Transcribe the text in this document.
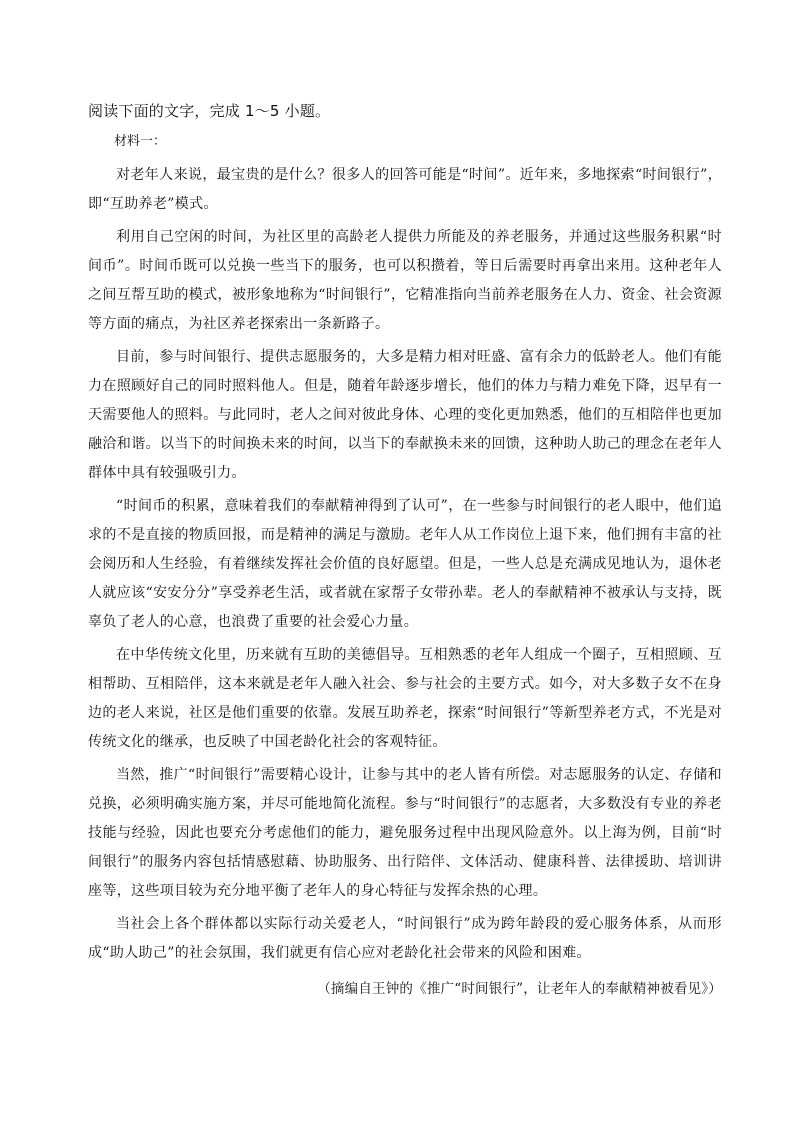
阅读下面的文字，完成 1～5 小题。

材料一：

对老年人来说，最宝贵的是什么？很多人的回答可能是“时间”。近年来，多地探索“时间银行”，即“互助养老”模式。

利用自己空闲的时间，为社区里的高龄老人提供力所能及的养老服务，并通过这些服务积累“时间币”。时间币既可以兑换一些当下的服务，也可以积攒着，等日后需要时再拿出来用。这种老年人之间互帮互助的模式，被形象地称为“时间银行”，它精准指向当前养老服务在人力、资金、社会资源等方面的痛点，为社区养老探索出一条新路子。

目前，参与时间银行、提供志愿服务的，大多是精力相对旺盛、富有余力的低龄老人。他们有能力在照顾好自己的同时照料他人。但是，随着年龄逐步增长，他们的体力与精力难免下降，迟早有一天需要他人的照料。与此同时，老人之间对彼此身体、心理的变化更加熟悉，他们的互相陪伴也更加融洽和谐。以当下的时间换未来的时间，以当下的奉献换未来的回馈，这种助人助己的理念在老年人群体中具有较强吸引力。

“时间币的积累，意味着我们的奉献精神得到了认可”，在一些参与时间银行的老人眼中，他们追求的不是直接的物质回报，而是精神的满足与激励。老年人从工作岗位上退下来，他们拥有丰富的社会阅历和人生经验，有着继续发挥社会价值的良好愿望。但是，一些人总是充满成见地认为，退休老人就应该“安安分分”享受养老生活，或者就在家帮子女带孙辈。老人的奉献精神不被承认与支持，既辜负了老人的心意，也浪费了重要的社会爱心力量。

在中华传统文化里，历来就有互助的美德倡导。互相熟悉的老年人组成一个圈子，互相照顾、互相帮助、互相陪伴，这本来就是老年人融入社会、参与社会的主要方式。如今，对大多数子女不在身边的老人来说，社区是他们重要的依靠。发展互助养老，探索“时间银行”等新型养老方式，不光是对传统文化的继承，也反映了中国老龄化社会的客观特征。

当然，推广“时间银行”需要精心设计，让参与其中的老人皆有所偿。对志愿服务的认定、存储和兑换，必须明确实施方案，并尽可能地简化流程。参与“时间银行”的志愿者，大多数没有专业的养老技能与经验，因此也要充分考虑他们的能力，避免服务过程中出现风险意外。以上海为例，目前“时间银行”的服务内容包括情感慰藉、协助服务、出行陪伴、文体活动、健康科普、法律援助、培训讲座等，这些项目较为充分地平衡了老年人的身心特征与发挥余热的心理。

当社会上各个群体都以实际行动关爱老人，“时间银行”成为跨年龄段的爱心服务体系，从而形成“助人助己”的社会氛围，我们就更有信心应对老龄化社会带来的风险和困难。

（摘编自王钟的《推广“时间银行”，让老年人的奉献精神被看见》）
